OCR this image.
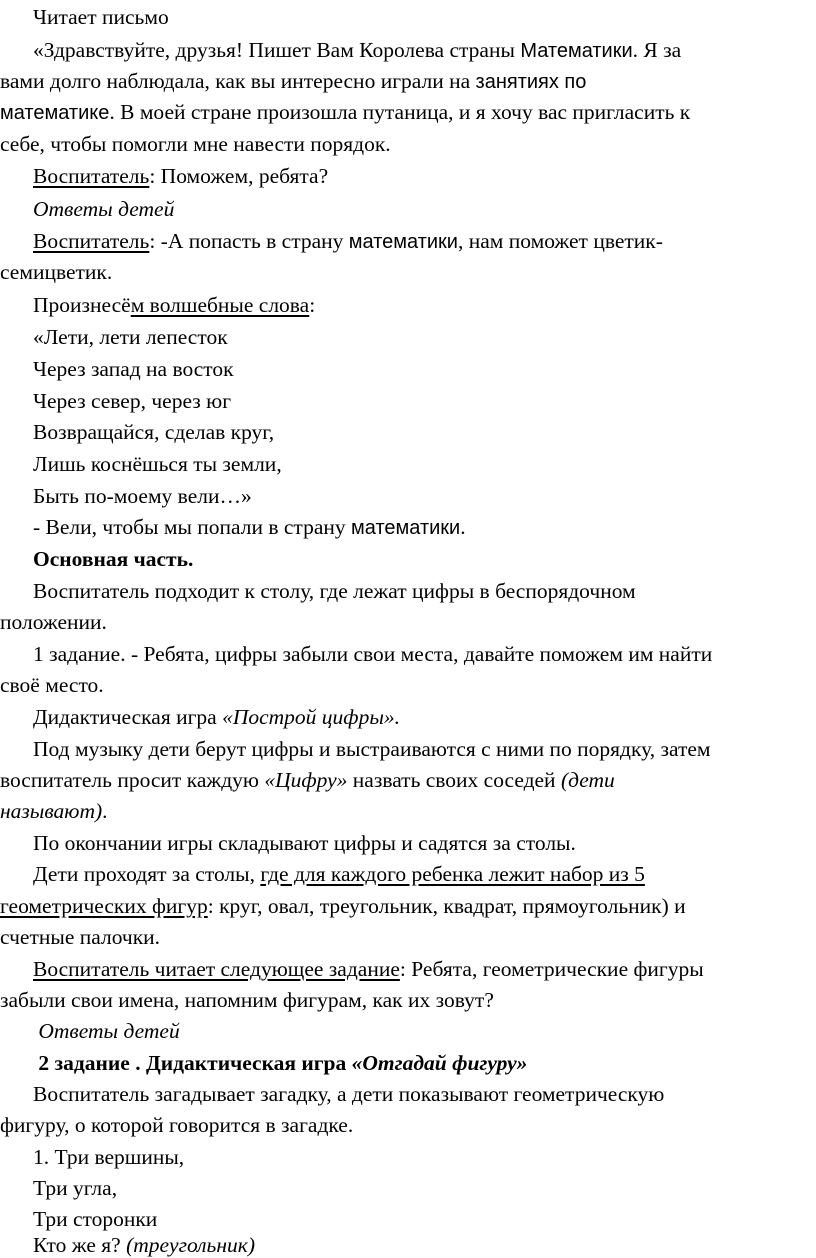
Читает письмо

«Здравствуйте, друзья! Пишет Вам Королева страны Математики. Я за

вами долго наблюдала, как вы интересно играли на занятиях по

математике. В моей стране произошла путаница, и я хочу вас пригласить к

себе, чтобы помогли мне навести порядок.

Воспитатель: Поможем, ребята?

Ответы детей

Воспитатель: -А попасть в страну математики, нам поможет цветик-

семицветик.

Произнесём волшебные слова:

«Лети, лети лепесток

Через запад на восток

Через север, через юг

Возвращайся, сделав круг,

Лишь коснёшься ты земли,

Быть по-моему вели…»

- Вели, чтобы мы попали в страну математики.

Основная часть.

Воспитатель подходит к столу, где лежат цифры в беспорядочном

положении.

1 задание. - Ребята, цифры забыли свои места, давайте поможем им найти

своё место.

Дидактическая игра «Построй цифры».

Под музыку дети берут цифры и выстраиваются с ними по порядку, затем

воспитатель просит каждую «Цифру» назвать своих соседей (дети

называют).

По окончании игры складывают цифры и садятся за столы.

Дети проходят за столы, где для каждого ребенка лежит набор из 5

геометрических фигур: круг, овал, треугольник, квадрат, прямоугольник) и

счетные палочки.

Воспитатель читает следующее задание: Ребята, геометрические фигуры

забыли свои имена, напомним фигурам, как их зовут?

Ответы детей

2 задание . Дидактическая игра «Отгадай фигуру»

Воспитатель загадывает загадку, а дети показывают геометрическую

фигуру, о которой говорится в загадке.

1. Три вершины,

Три угла,

Три сторонки

Кто же я? (треугольник)
